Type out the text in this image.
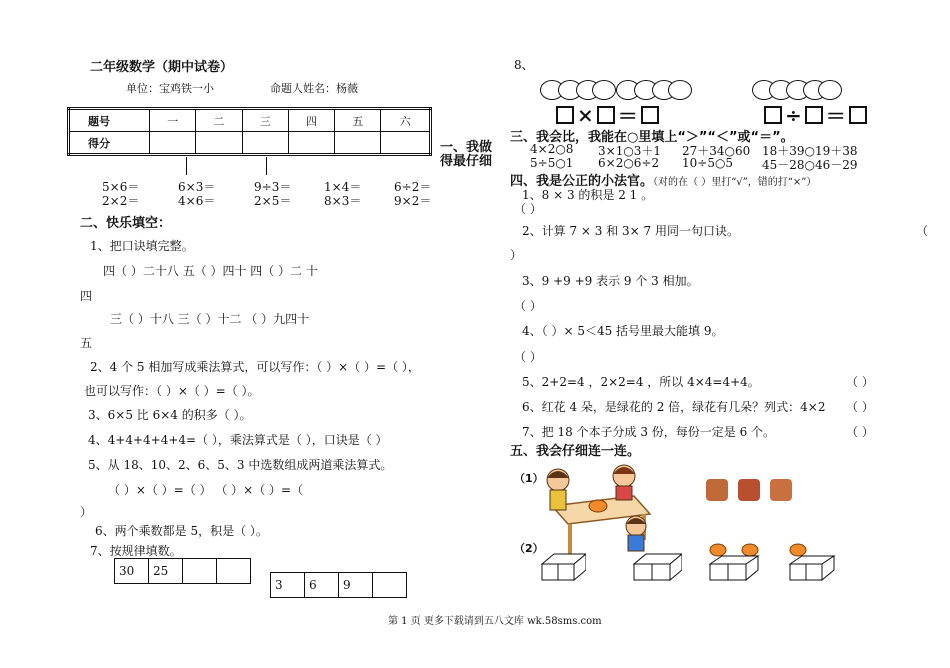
二年级数学（期中试卷）
单位：宝鸡铁一小	命题人姓名：杨薇
题号	一	二	三	四	五	六
得分							一、我做
得最仔细
5×6＝	6×3＝	9÷3＝	1×4＝	6÷2＝
2×2＝	4×6＝	2×5＝	8×3＝	9×2＝
二、快乐填空：
1、把口诀填完整。
四（ ）二十八 五（ ）四十 四（ ）二 十
四
三（ ）十八 三（ ）十二 （ ）九四十
五
2、4 个 5 相加写成乘法算式，可以写作：（ ）×（ ）=（ ），
也可以写作：（ ）×（ ）=（ ）。
3、6×5 比 6×4 的积多（ ）。
4、4+4+4+4+4=（ ），乘法算式是（ ），口诀是（ ）
5、从 18、10、2、6、5、3 中选数组成两道乘法算式。
（ ）×（ ）=（ ） （ ）×（ ）=（
）
6、两个乘数都是 5，积是（ ）。
7、按规律填数。
30	25		
3	6	9	
8、
× ＝	÷ ＝
三、我会比，我能在○里填上“＞”“＜”或“＝”。
4×2○8 3×1○3＋1 27＋34○60 18＋39○19＋38
5÷5○1 6×2○6÷2 10÷5○5 45－28○46－29
四、我是公正的小法官。（对的在（ ）里打“√”，错的打“×”）
1、8 × 3 的积是 2 1 。
（ ）
2、计算 7 × 3 和 3× 7 用同一句口诀。	（
）
3、9 +9 +9 表示 9 个 3 相加。
（ ）
4、（ ）× 5＜45 括号里最大能填 9。
（ ）
5、2+2=4 ，2×2=4 ，所以 4×4=4+4。	（ ）
6、红花 4 朵，是绿花的 2 倍，绿花有几朵？列式：4×2 （ ）
7、把 18 个本子分成 3 份，每份一定是 6 个。	（ ）
五、我会仔细连一连。
（1）
（2）
第 1 页 更多下载请到五八文库 wk.58sms.com
